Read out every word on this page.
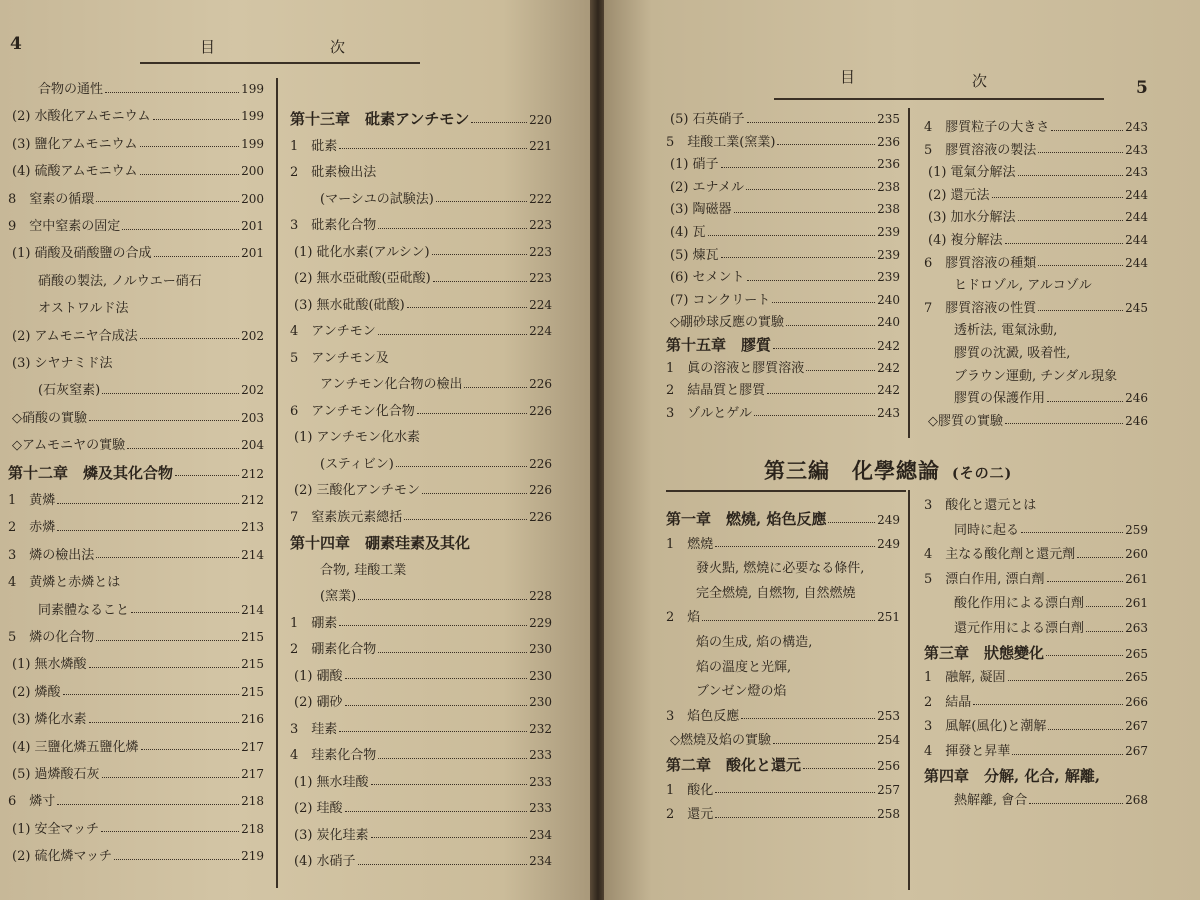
4	目	次
合物の通性	199
(2) 水酸化アムモニウム	199
(3) 鹽化アムモニウム	199
(4) 硫酸アムモニウム	200
8　窒素の循環	200
9　空中窒素の固定	201
(1) 硝酸及硝酸鹽の合成	201
硝酸の製法, ノルウエー硝石
オストワルド法
(2) アムモニヤ合成法	202
(3) シヤナミド法
(石灰窒素)	202
◇硝酸の實驗	203
◇アムモニヤの實驗	204
第十二章　燐及其化合物	212
1　黄燐	212
2　赤燐	213
3　燐の檢出法	214
4　黄燐と赤燐とは
同素體なること	214
5　燐の化合物	215
(1) 無水燐酸	215
(2) 燐酸	215
(3) 燐化水素	216
(4) 三鹽化燐五鹽化燐	217
(5) 過燐酸石灰	217
6　燐寸	218
(1) 安全マッチ	218
(2) 硫化燐マッチ	219
第十三章　砒素アンチモン	220
1　砒素	221
2　砒素檢出法
(マーシユの試験法)	222
3　砒素化合物	223
(1) 砒化水素(アルシン)	223
(2) 無水亞砒酸(亞砒酸)	223
(3) 無水砒酸(砒酸)	224
4　アンチモン	224
5　アンチモン及
アンチモン化合物の檢出	226
6　アンチモン化合物	226
(1) アンチモン化水素
(スティビン)	226
(2) 三酸化アンチモン	226
7　窒素族元素總括	226
第十四章　硼素珪素及其化
合物, 珪酸工業
(窯業)	228
1　硼素	229
2　硼素化合物	230
(1) 硼酸	230
(2) 硼砂	230
3　珪素	232
4　珪素化合物	233
(1) 無水珪酸	233
(2) 珪酸	233
(3) 炭化珪素	234
(4) 水硝子	234
目	次	5
(5) 石英硝子	235
5　珪酸工業(窯業)	236
(1) 硝子	236
(2) エナメル	238
(3) 陶磁器	238
(4) 瓦	239
(5) 煉瓦	239
(6) セメント	239
(7) コンクリート	240
◇硼砂球反應の實驗	240
第十五章　膠質	242
1　眞の溶液と膠質溶液	242
2　結晶質と膠質	242
3　ゾルとゲル	243
4　膠質粒子の大きさ	243
5　膠質溶液の製法	243
(1) 電氣分解法	243
(2) 還元法	244
(3) 加水分解法	244
(4) 複分解法	244
6　膠質溶液の種類	244
ヒドロゾル, アルコゾル
7　膠質溶液の性質	245
透析法, 電氣泳動,
膠質の沈澱, 吸着性,
ブラウン運動, チンダル現象
膠質の保護作用	246
◇膠質の實驗	246
第三編　化學總論 (その二)
第一章　燃燒, 焰色反應	249
1　燃燒	249
發火點, 燃燒に必要なる條件,
完全燃燒, 自燃物, 自然燃燒
2　焰	251
焰の生成, 焰の構造,
焰の溫度と光輝,
ブンゼン燈の焰
3　焰色反應	253
◇燃燒及焰の實驗	254
第二章　酸化と還元	256
1　酸化	257
2　還元	258
3　酸化と還元とは
同時に起る	259
4　主なる酸化劑と還元劑	260
5　漂白作用, 漂白劑	261
酸化作用による漂白劑	261
還元作用による漂白劑	263
第三章　狀態變化	265
1　融解, 凝固	265
2　結晶	266
3　風解(風化)と潮解	267
4　揮發と昇華	267
第四章　分解, 化合, 解離,
熱解離, 會合	268
